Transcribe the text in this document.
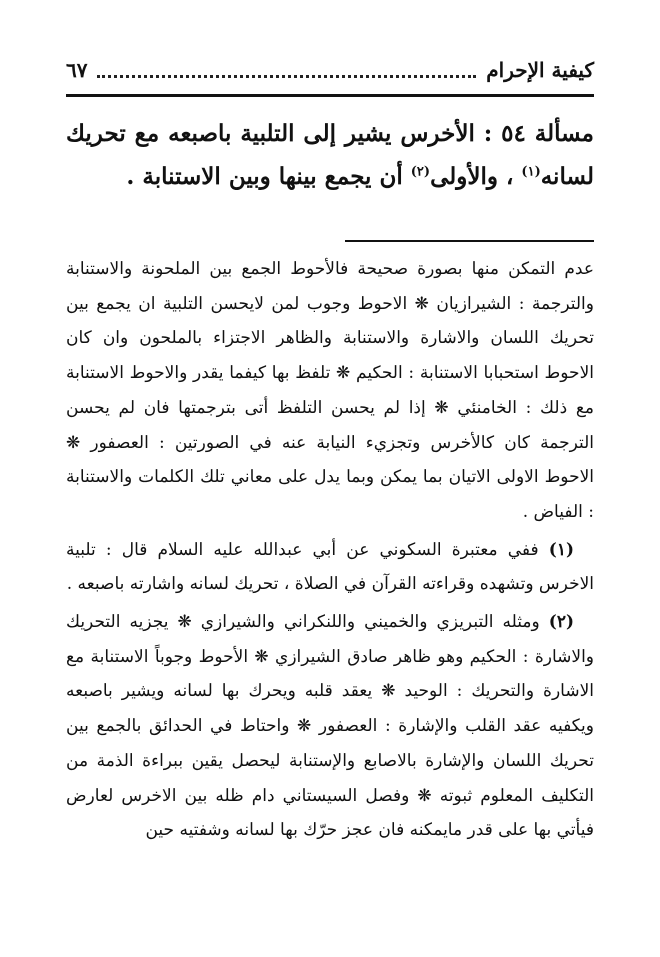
كيفية الإحرام
٦٧
مسألة ٥٤ : الأخرس يشير إلى التلبية باصبعه مع تحريك لسانه$^{(١)}$ ، والأولى$^{(٢)}$ أن يجمع بينها وبين الاستنابة .

عدم التمكن منها بصورة صحيحة فالأحوط الجمع بين الملحونة والاستنابة والترجمة : الشيرازيان ❋ الاحوط وجوب لمن لايحسن التلبية ان يجمع بين تحريك اللسان والاشارة والاستنابة والظاهر الاجتزاء بالملحون وان كان الاحوط استحبابا الاستنابة : الحكيم ❋ تلفظ بها كيفما يقدر والاحوط الاستنابة مع ذلك : الخامنئي ❋ إذا لم يحسن التلفظ أتى بترجمتها فان لم يحسن الترجمة كان كالأخرس وتجزيء النيابة عنه في الصورتين : العصفور ❋ الاحوط الاولى الاتيان بما يمكن وبما يدل على معاني تلك الكلمات والاستنابة : الفياض .

(١) ففي معتبرة السكوني عن أبي عبدالله عليه السلام قال : تلبية الاخرس وتشهده وقراءته القرآن في الصلاة ، تحريك لسانه واشارته باصبعه .

(٢) ومثله التبريزي والخميني واللنكراني والشيرازي ❋ يجزيه التحريك والاشارة : الحكيم وهو ظاهر صادق الشيرازي ❋ الأحوط وجوباً الاستنابة مع الاشارة والتحريك : الوحيد ❋ يعقد قلبه ويحرك بها لسانه ويشير باصبعه ويكفيه عقد القلب والإشارة : العصفور ❋ واحتاط في الحدائق بالجمع بين تحريك اللسان والإشارة بالاصابع والإستنابة ليحصل يقين ببراءة الذمة من التكليف المعلوم ثبوته ❋ وفصل السيستاني دام ظله بين الاخرس لعارض فيأتي بها على قدر مايمكنه فان عجز حرّك بها لسانه وشفتيه حين
